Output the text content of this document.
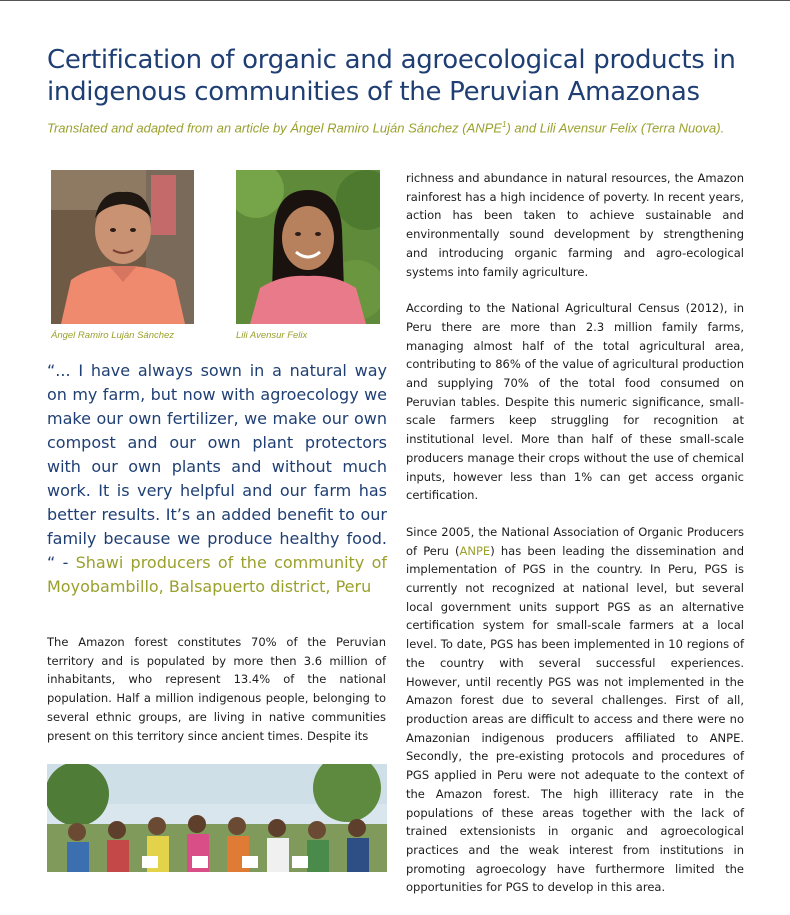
Certification of organic and agroecological products in indigenous communities of the Peruvian Amazonas

Translated and adapted from an article by Ángel Ramiro Luján Sánchez (ANPE$^1$) and Lili Avensur Felix (Terra Nuova).

Ángel Ramiro Luján Sánchez	Lili Avensur Felix

“... I have always sown in a natural way on my farm, but now with agroecology we make our own fertilizer, we make our own compost and our own plant protectors with our own plants and without much work. It is very helpful and our farm has better results. It’s an added benefit to our family because we produce healthy food. “ - Shawi producers of the community of Moyobambillo, Balsapuerto district, Peru

The Amazon forest constitutes 70% of the Peruvian territory and is populated by more then 3.6 million of inhabitants, who represent 13.4% of the national population. Half a million indigenous people, belonging to several ethnic groups, are living in native communities present on this territory since ancient times. Despite its

richness and abundance in natural resources, the Amazon rainforest has a high incidence of poverty. In recent years, action has been taken to achieve sustainable and environmentally sound development by strengthening and introducing organic farming and agro-ecological systems into family agriculture.

According to the National Agricultural Census (2012), in Peru there are more than 2.3 million family farms, managing almost half of the total agricultural area, contributing to 86% of the value of agricultural production and supplying 70% of the total food consumed on Peruvian tables. Despite this numeric significance, small-scale farmers keep struggling for recognition at institutional level. More than half of these small-scale producers manage their crops without the use of chemical inputs, however less than 1% can get access organic certification.

Since 2005, the National Association of Organic Producers of Peru (ANPE) has been leading the dissemination and implementation of PGS in the country. In Peru, PGS is currently not recognized at national level, but several local government units support PGS as an alternative certification system for small-scale farmers at a local level. To date, PGS has been implemented in 10 regions of the country with several successful experiences. However, until recently PGS was not implemented in the Amazon forest due to several challenges. First of all, production areas are difficult to access and there were no Amazonian indigenous producers affiliated to ANPE. Secondly, the pre-existing protocols and procedures of PGS applied in Peru were not adequate to the context of the Amazon forest. The high illiteracy rate in the populations of these areas together with the lack of trained extensionists in organic and agroecological practices and the weak interest from institutions in promoting agroecology have furthermore limited the opportunities for PGS to develop in this area.
